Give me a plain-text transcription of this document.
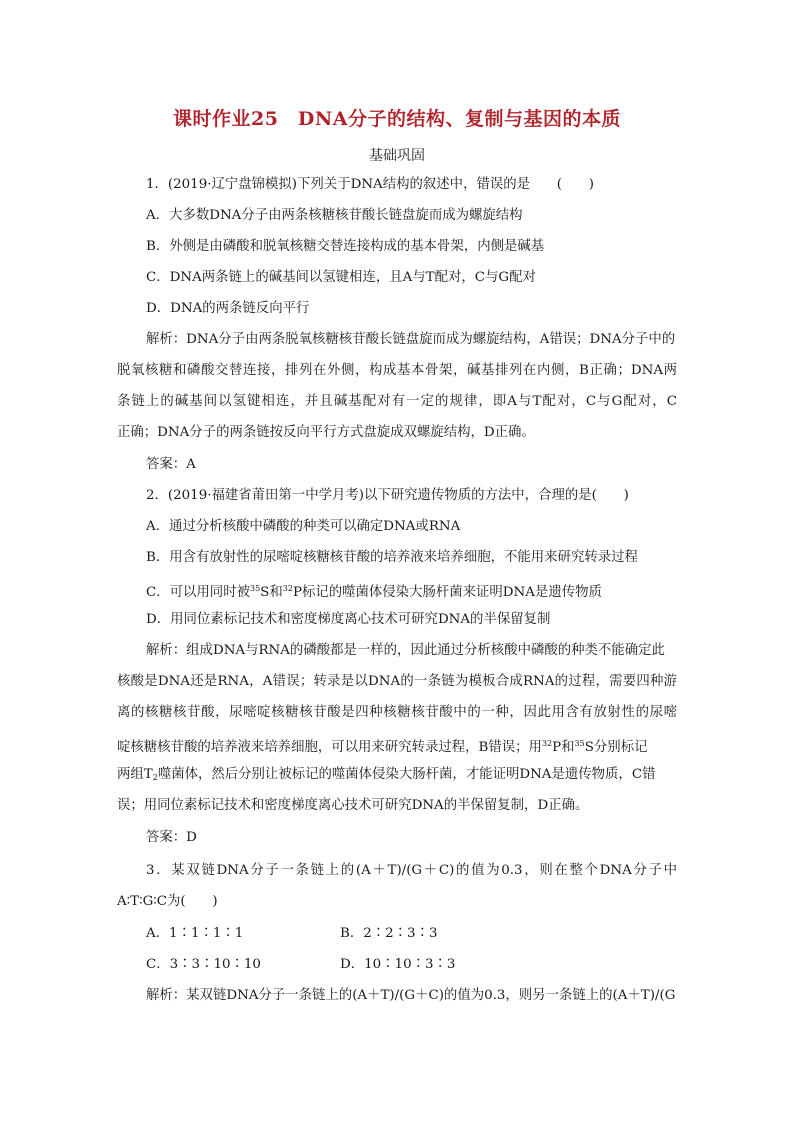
课时作业25　DNA分子的结构、复制与基因的本质
基础巩固
1．(2019·辽宁盘锦模拟)下列关于DNA结构的叙述中，错误的是　　(　　)
A．大多数DNA分子由两条核糖核苷酸长链盘旋而成为螺旋结构
B．外侧是由磷酸和脱氧核糖交替连接构成的基本骨架，内侧是碱基
C．DNA两条链上的碱基间以氢键相连，且A与T配对，C与G配对
D．DNA的两条链反向平行
解析：DNA分子由两条脱氧核糖核苷酸长链盘旋而成为螺旋结构，A错误；DNA分子中的
脱氧核糖和磷酸交替连接，排列在外侧，构成基本骨架，碱基排列在内侧，B正确；DNA两
条链上的碱基间以氢键相连，并且碱基配对有一定的规律，即A与T配对，C与G配对，C
正确；DNA分子的两条链按反向平行方式盘旋成双螺旋结构，D正确。
答案：A
2．(2019·福建省莆田第一中学月考)以下研究遗传物质的方法中，合理的是(　　)
A．通过分析核酸中磷酸的种类可以确定DNA或RNA
B．用含有放射性的尿嘧啶核糖核苷酸的培养液来培养细胞，不能用来研究转录过程
C．可以用同时被$^{35}$S和$^{32}$P标记的噬菌体侵染大肠杆菌来证明DNA是遗传物质
D．用同位素标记技术和密度梯度离心技术可研究DNA的半保留复制
解析：组成DNA与RNA的磷酸都是一样的，因此通过分析核酸中磷酸的种类不能确定此
核酸是DNA还是RNA，A错误；转录是以DNA的一条链为模板合成RNA的过程，需要四种游
离的核糖核苷酸，尿嘧啶核糖核苷酸是四种核糖核苷酸中的一种，因此用含有放射性的尿嘧
啶核糖核苷酸的培养液来培养细胞，可以用来研究转录过程，B错误；用$^{32}$P和$^{35}$S分别标记
两组$T_2$噬菌体，然后分别让被标记的噬菌体侵染大肠杆菌，才能证明DNA是遗传物质，C错
误；用同位素标记技术和密度梯度离心技术可研究DNA的半保留复制，D正确。
答案：D
3．某双链DNA分子一条链上的(A＋T)/(G＋C)的值为0.3，则在整个DNA分子中
A∶T∶G∶C为(　　)
A．1∶1∶1∶1	B．2∶2∶3∶3
C．3∶3∶10∶10	D．10∶10∶3∶3
解析：某双链DNA分子一条链上的(A＋T)/(G＋C)的值为0.3，则另一条链上的(A＋T)/(G
